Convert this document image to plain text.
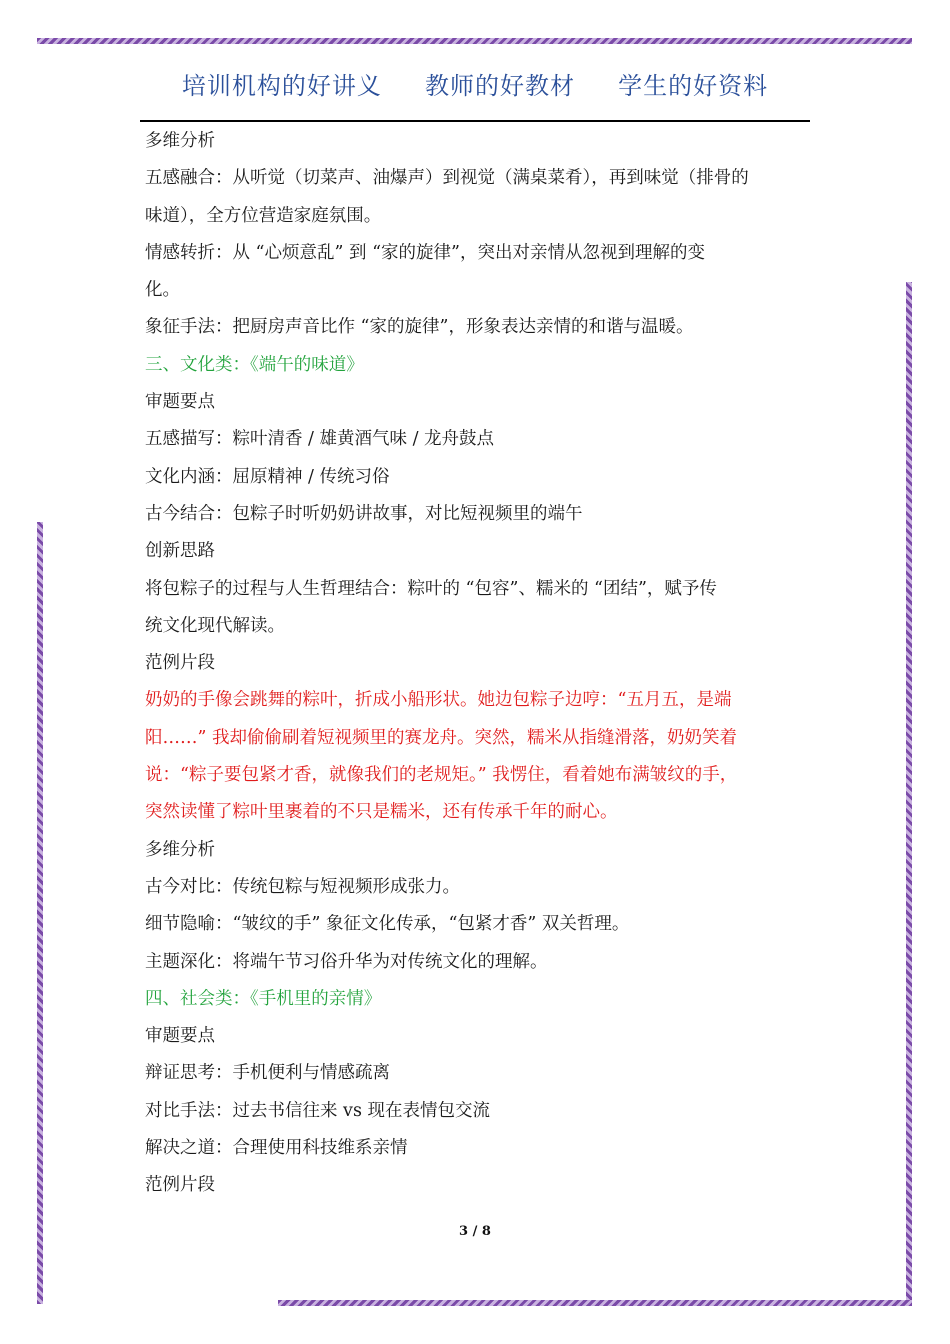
培训机构的好讲义     教师的好教材     学生的好资料

多维分析

五感融合：从听觉（切菜声、油爆声）到视觉（满桌菜肴），再到味觉（排骨的

味道），全方位营造家庭氛围。

情感转折：从 “心烦意乱” 到 “家的旋律”，突出对亲情从忽视到理解的变

化。

象征手法：把厨房声音比作 “家的旋律”，形象表达亲情的和谐与温暖。

三、文化类：《端午的味道》

审题要点

五感描写：粽叶清香 / 雄黄酒气味 / 龙舟鼓点

文化内涵：屈原精神 / 传统习俗

古今结合：包粽子时听奶奶讲故事，对比短视频里的端午

创新思路

将包粽子的过程与人生哲理结合：粽叶的 “包容”、糯米的 “团结”，赋予传

统文化现代解读。

范例片段

奶奶的手像会跳舞的粽叶，折成小船形状。她边包粽子边哼：“五月五，是端

阳……” 我却偷偷刷着短视频里的赛龙舟。突然，糯米从指缝滑落，奶奶笑着

说：“粽子要包紧才香，就像我们的老规矩。” 我愣住，看着她布满皱纹的手，

突然读懂了粽叶里裹着的不只是糯米，还有传承千年的耐心。

多维分析

古今对比：传统包粽与短视频形成张力。

细节隐喻：“皱纹的手” 象征文化传承，“包紧才香” 双关哲理。

主题深化：将端午节习俗升华为对传统文化的理解。

四、社会类：《手机里的亲情》

审题要点

辩证思考：手机便利与情感疏离

对比手法：过去书信往来 vs 现在表情包交流

解决之道：合理使用科技维系亲情

范例片段

3 / 8
